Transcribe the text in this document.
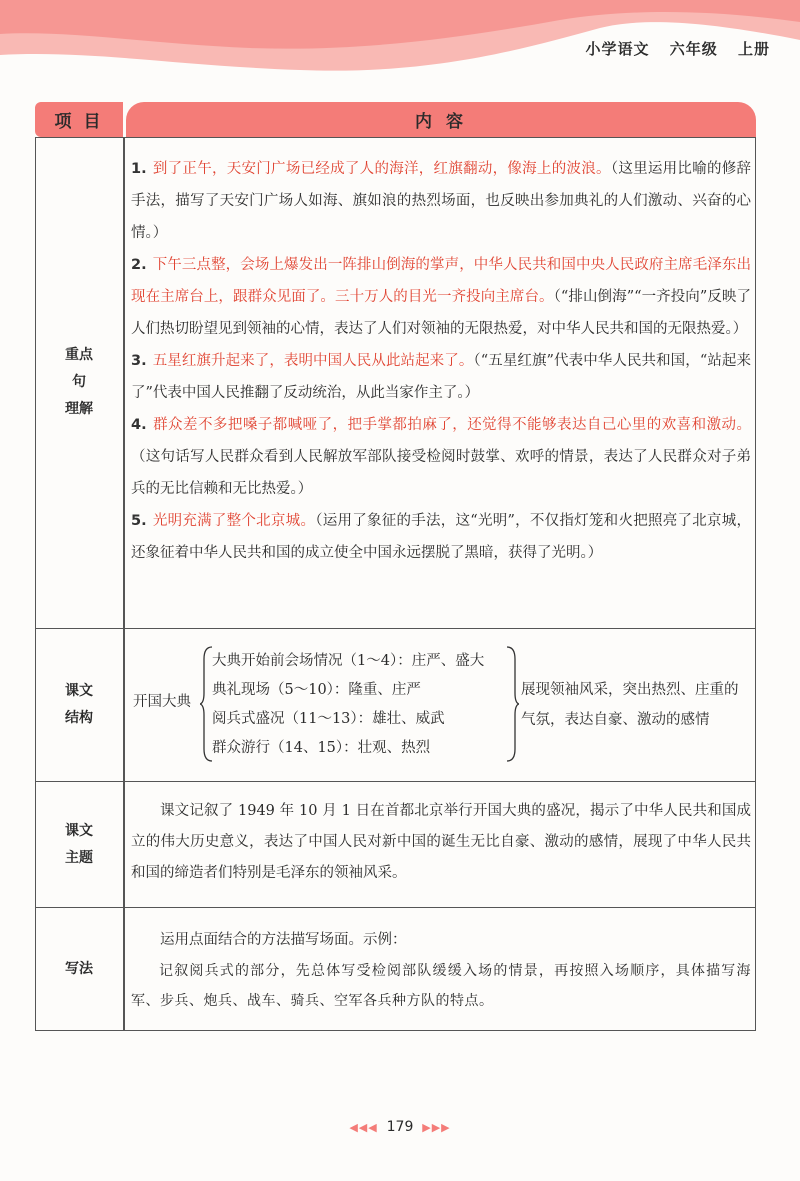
小学语文 六年级 上册
项 目	内 容
重点句
理解

1. 到了正午，天安门广场已经成了人的海洋，红旗翻动，像海上的波浪。（这里运用比喻的修辞手法，描写了天安门广场人如海、旗如浪的热烈场面，也反映出参加典礼的人们激动、兴奋的心情。）

2. 下午三点整，会场上爆发出一阵排山倒海的掌声，中华人民共和国中央人民政府主席毛泽东出现在主席台上，跟群众见面了。三十万人的目光一齐投向主席台。（“排山倒海”“一齐投向”反映了人们热切盼望见到领袖的心情，表达了人们对领袖的无限热爱，对中华人民共和国的无限热爱。）

3. 五星红旗升起来了，表明中国人民从此站起来了。（“五星红旗”代表中华人民共和国，“站起来了”代表中国人民推翻了反动统治，从此当家作主了。）

4. 群众差不多把嗓子都喊哑了，把手掌都拍麻了，还觉得不能够表达自己心里的欢喜和激动。（这句话写人民群众看到人民解放军部队接受检阅时鼓掌、欢呼的情景，表达了人民群众对子弟兵的无比信赖和无比热爱。）

5. 光明充满了整个北京城。（运用了象征的手法，这“光明”，不仅指灯笼和火把照亮了北京城，还象征着中华人民共和国的成立使全中国永远摆脱了黑暗，获得了光明。）

课文
结构
开国大典
大典开始前会场情况（1～4）：庄严、盛大
典礼现场（5～10）：隆重、庄严
阅兵式盛况（11～13）：雄壮、威武
群众游行（14、15）：壮观、热烈
展现领袖风采，突出热烈、庄重的气氛，表达自豪、激动的感情
课文
主题

课文记叙了 1949 年 10 月 1 日在首都北京举行开国大典的盛况，揭示了中华人民共和国成立的伟大历史意义，表达了中国人民对新中国的诞生无比自豪、激动的感情，展现了中华人民共和国的缔造者们特别是毛泽东的领袖风采。

写法

运用点面结合的方法描写场面。示例：

记叙阅兵式的部分，先总体写受检阅部队缓缓入场的情景，再按照入场顺序，具体描写海军、步兵、炮兵、战车、骑兵、空军各兵种方队的特点。

◀◀◀ 179 ▶▶▶
